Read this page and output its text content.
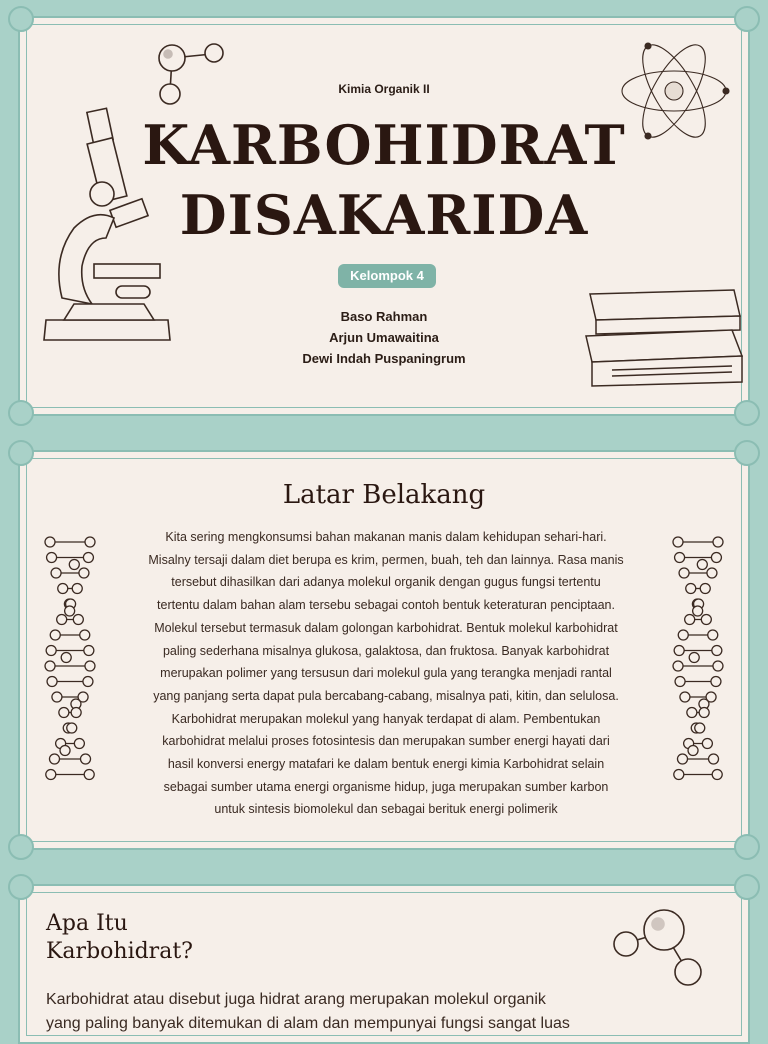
Kimia Organik II
KARBOHIDRAT
DISAKARIDA
Kelompok 4
Baso Rahman
Arjun Umawaitina
Dewi Indah Puspaningrum
Latar Belakang
Kita sering mengkonsumsi bahan makanan manis dalam kehidupan sehari-hari.
Misalny tersaji dalam diet berupa es krim, permen, buah, teh dan lainnya. Rasa manis
tersebut dihasilkan dari adanya molekul organik dengan gugus fungsi tertentu
tertentu dalam bahan alam tersebu sebagai contoh bentuk keteraturan penciptaan.
Molekul tersebut termasuk dalam golongan karbohidrat. Bentuk molekul karbohidrat
paling sederhana misalnya glukosa, galaktosa, dan fruktosa. Banyak karbohidrat
merupakan polimer yang tersusun dari molekul gula yang terangka menjadi rantal
yang panjang serta dapat pula bercabang-cabang, misalnya pati, kitin, dan selulosa.
Karbohidrat merupakan molekul yang hanyak terdapat di alam. Pembentukan
karbohidrat melalui proses fotosintesis dan merupakan sumber energi hayati dari
hasil konversi energy matafari ke dalam bentuk energi kimia Karbohidrat selain
sebagai sumber utama energi organisme hidup, juga merupakan sumber karbon
untuk sintesis biomolekul dan sebagai berituk energi polimerik
Apa Itu
Karbohidrat?
Karbohidrat atau disebut juga hidrat arang merupakan molekul organik
yang paling banyak ditemukan di alam dan mempunyai fungsi sangat luas
